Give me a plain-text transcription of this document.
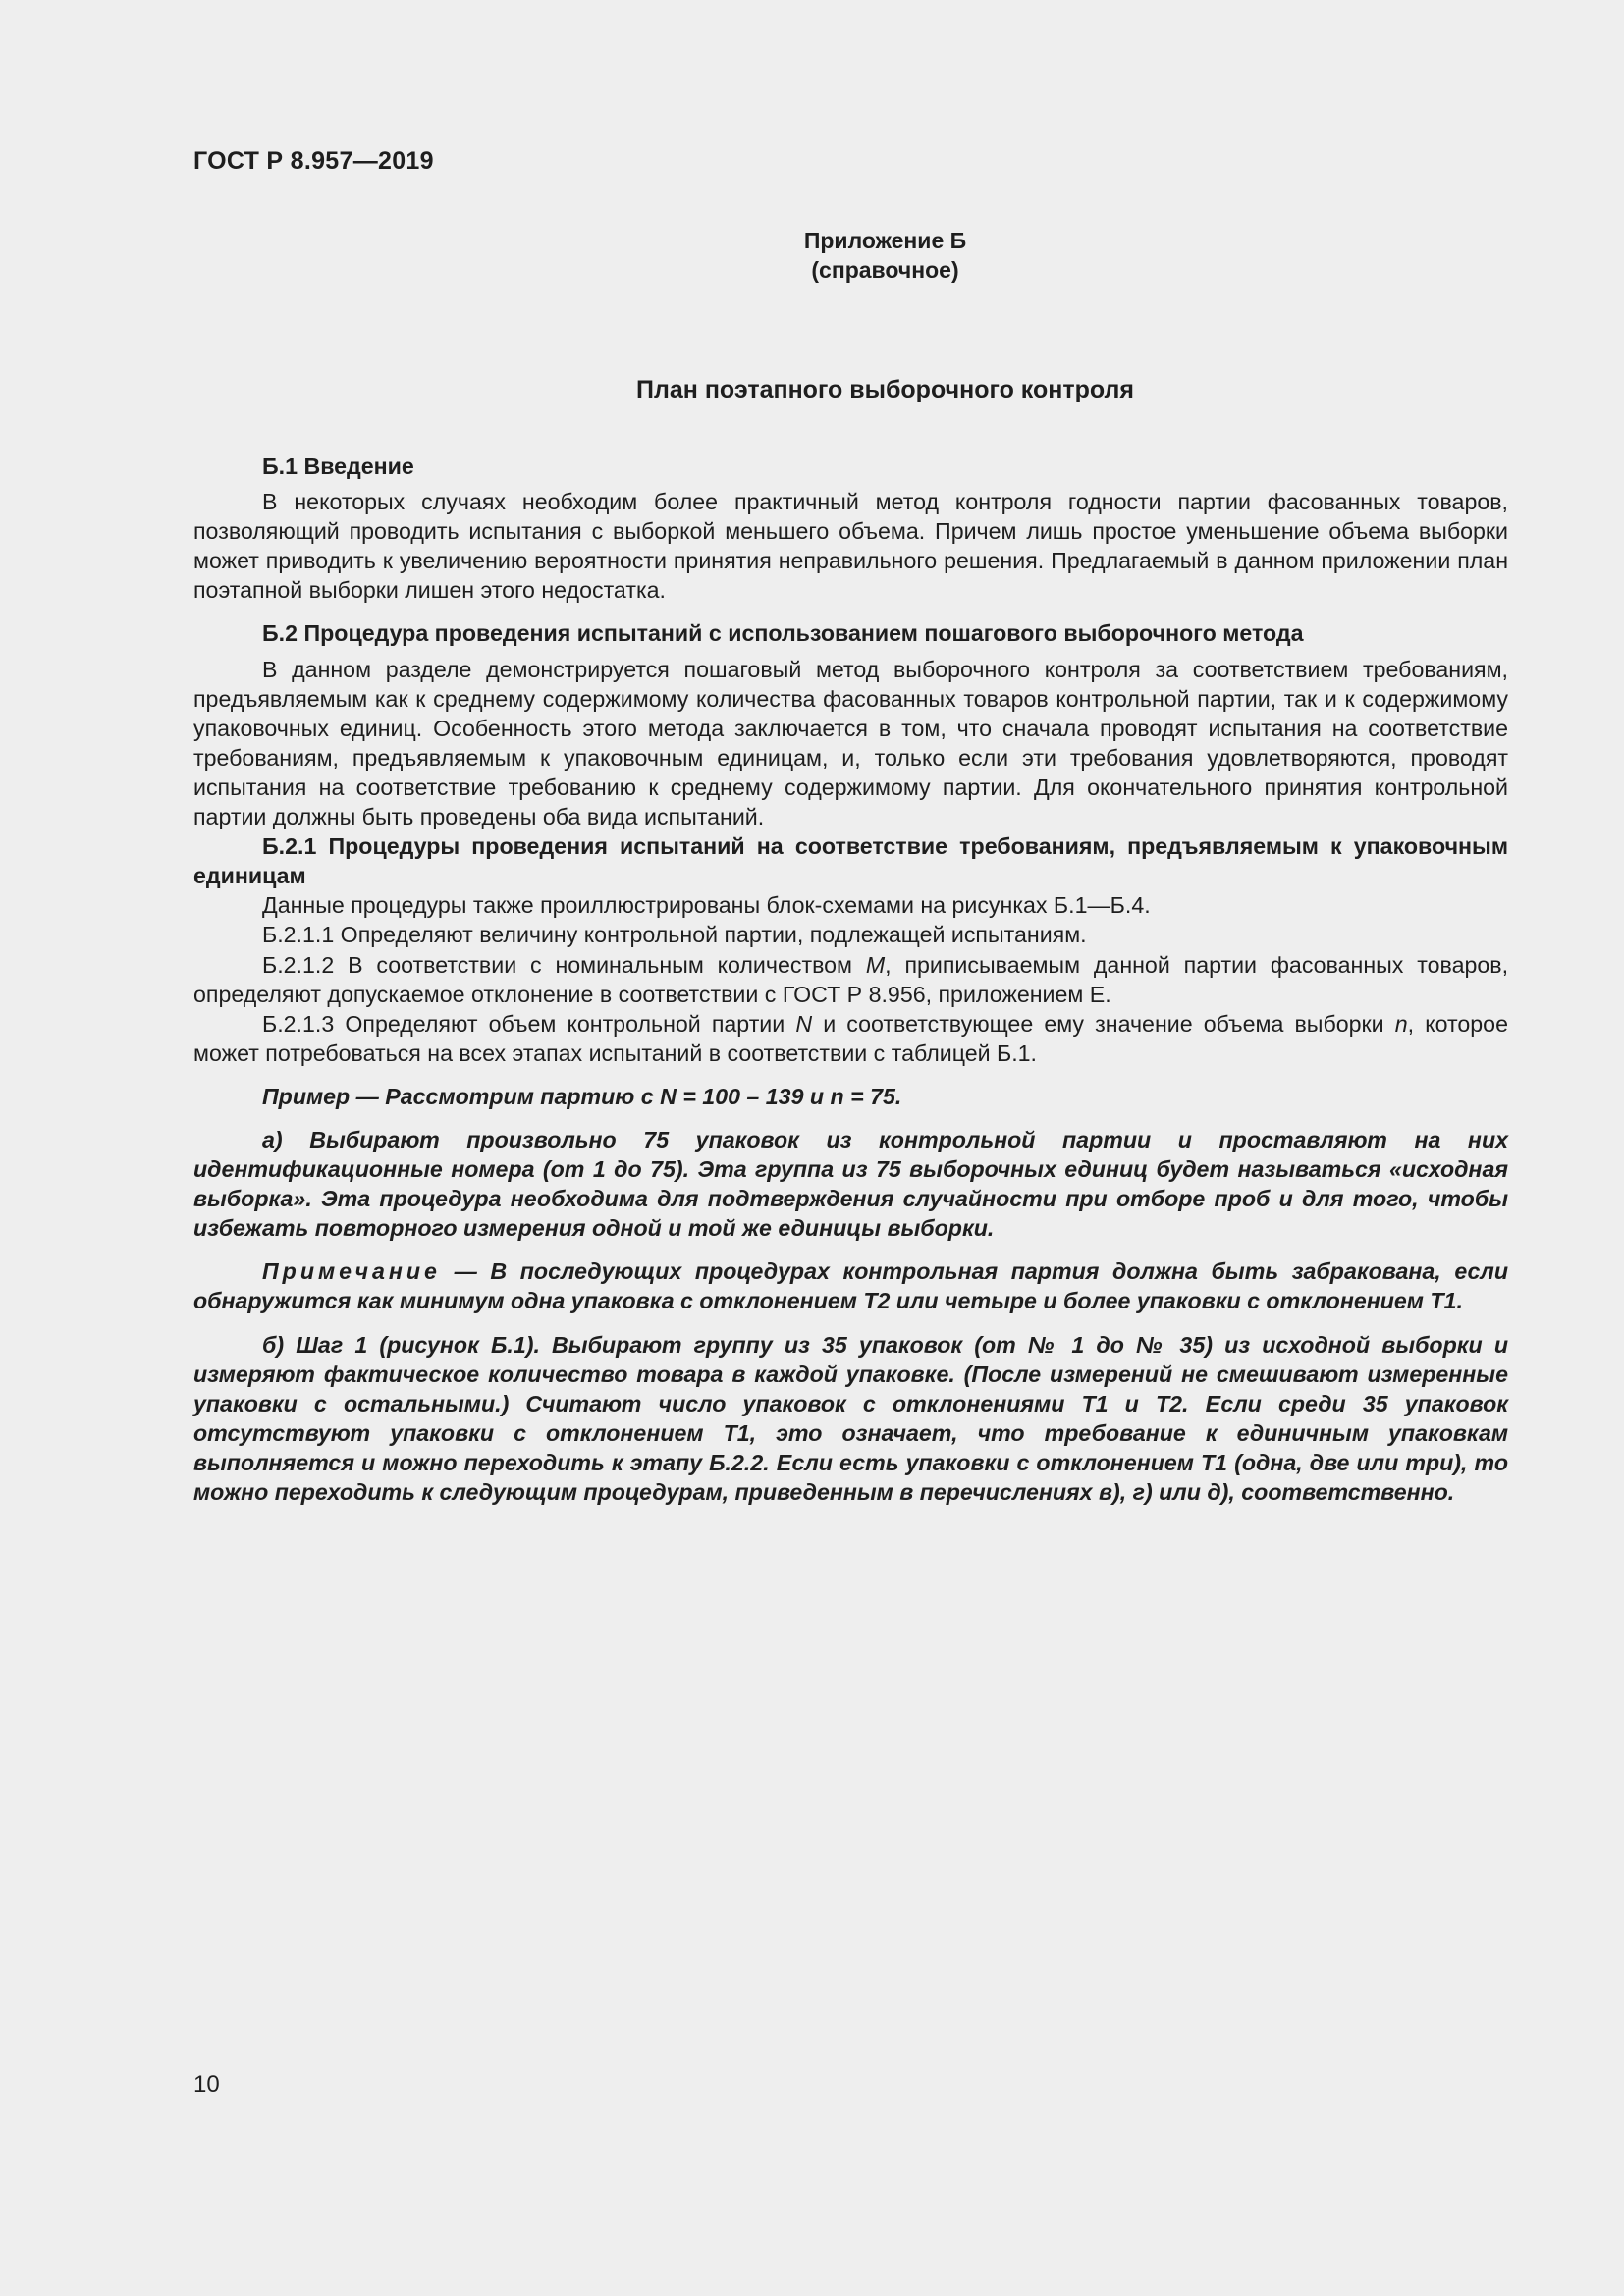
ГОСТ Р 8.957—2019
Приложение Б
(справочное)
План поэтапного выборочного контроля

Б.1 Введение

В некоторых случаях необходим более практичный метод контроля годности партии фасованных товаров, позволяющий проводить испытания с выборкой меньшего объема. Причем лишь простое уменьшение объема выборки может приводить к увеличению вероятности принятия неправильного решения. Предлагаемый в данном приложении план поэтапной выборки лишен этого недостатка.

Б.2 Процедура проведения испытаний с использованием пошагового выборочного метода

В данном разделе демонстрируется пошаговый метод выборочного контроля за соответствием требованиям, предъявляемым как к среднему содержимому количества фасованных товаров контрольной партии, так и к содержимому упаковочных единиц. Особенность этого метода заключается в том, что сначала проводят испытания на соответствие требованиям, предъявляемым к упаковочным единицам, и, только если эти требования удовлетворяются, проводят испытания на соответствие требованию к среднему содержимому партии. Для окончательного принятия контрольной партии должны быть проведены оба вида испытаний.

Б.2.1 Процедуры проведения испытаний на соответствие требованиям, предъявляемым к упаковочным единицам

Данные процедуры также проиллюстрированы блок-схемами на рисунках Б.1—Б.4.

Б.2.1.1 Определяют величину контрольной партии, подлежащей испытаниям.

Б.2.1.2 В соответствии с номинальным количеством M, приписываемым данной партии фасованных товаров, определяют допускаемое отклонение в соответствии с ГОСТ Р 8.956, приложением Е.

Б.2.1.3 Определяют объем контрольной партии N и соответствующее ему значение объема выборки n, которое может потребоваться на всех этапах испытаний в соответствии с таблицей Б.1.

Пример — Рассмотрим партию с N = 100 – 139 и n = 75.

а) Выбирают произвольно 75 упаковок из контрольной партии и проставляют на них идентификационные номера (от 1 до 75). Эта группа из 75 выборочных единиц будет называться «исходная выборка». Эта процедура необходима для подтверждения случайности при отборе проб и для того, чтобы избежать повторного измерения одной и той же единицы выборки.

Примечание — В последующих процедурах контрольная партия должна быть забракована, если обнаружится как минимум одна упаковка с отклонением Т2 или четыре и более упаковки с отклонением Т1.

б) Шаг 1 (рисунок Б.1). Выбирают группу из 35 упаковок (от № 1 до № 35) из исходной выборки и измеряют фактическое количество товара в каждой упаковке. (После измерений не смешивают измеренные упаковки с остальными.) Считают число упаковок с отклонениями Т1 и Т2. Если среди 35 упаковок отсутствуют упаковки с отклонением Т1, это означает, что требование к единичным упаковкам выполняется и можно переходить к этапу Б.2.2. Если есть упаковки с отклонением Т1 (одна, две или три), то можно переходить к следующим процедурам, приведенным в перечислениях в), г) или д), соответственно.

10
